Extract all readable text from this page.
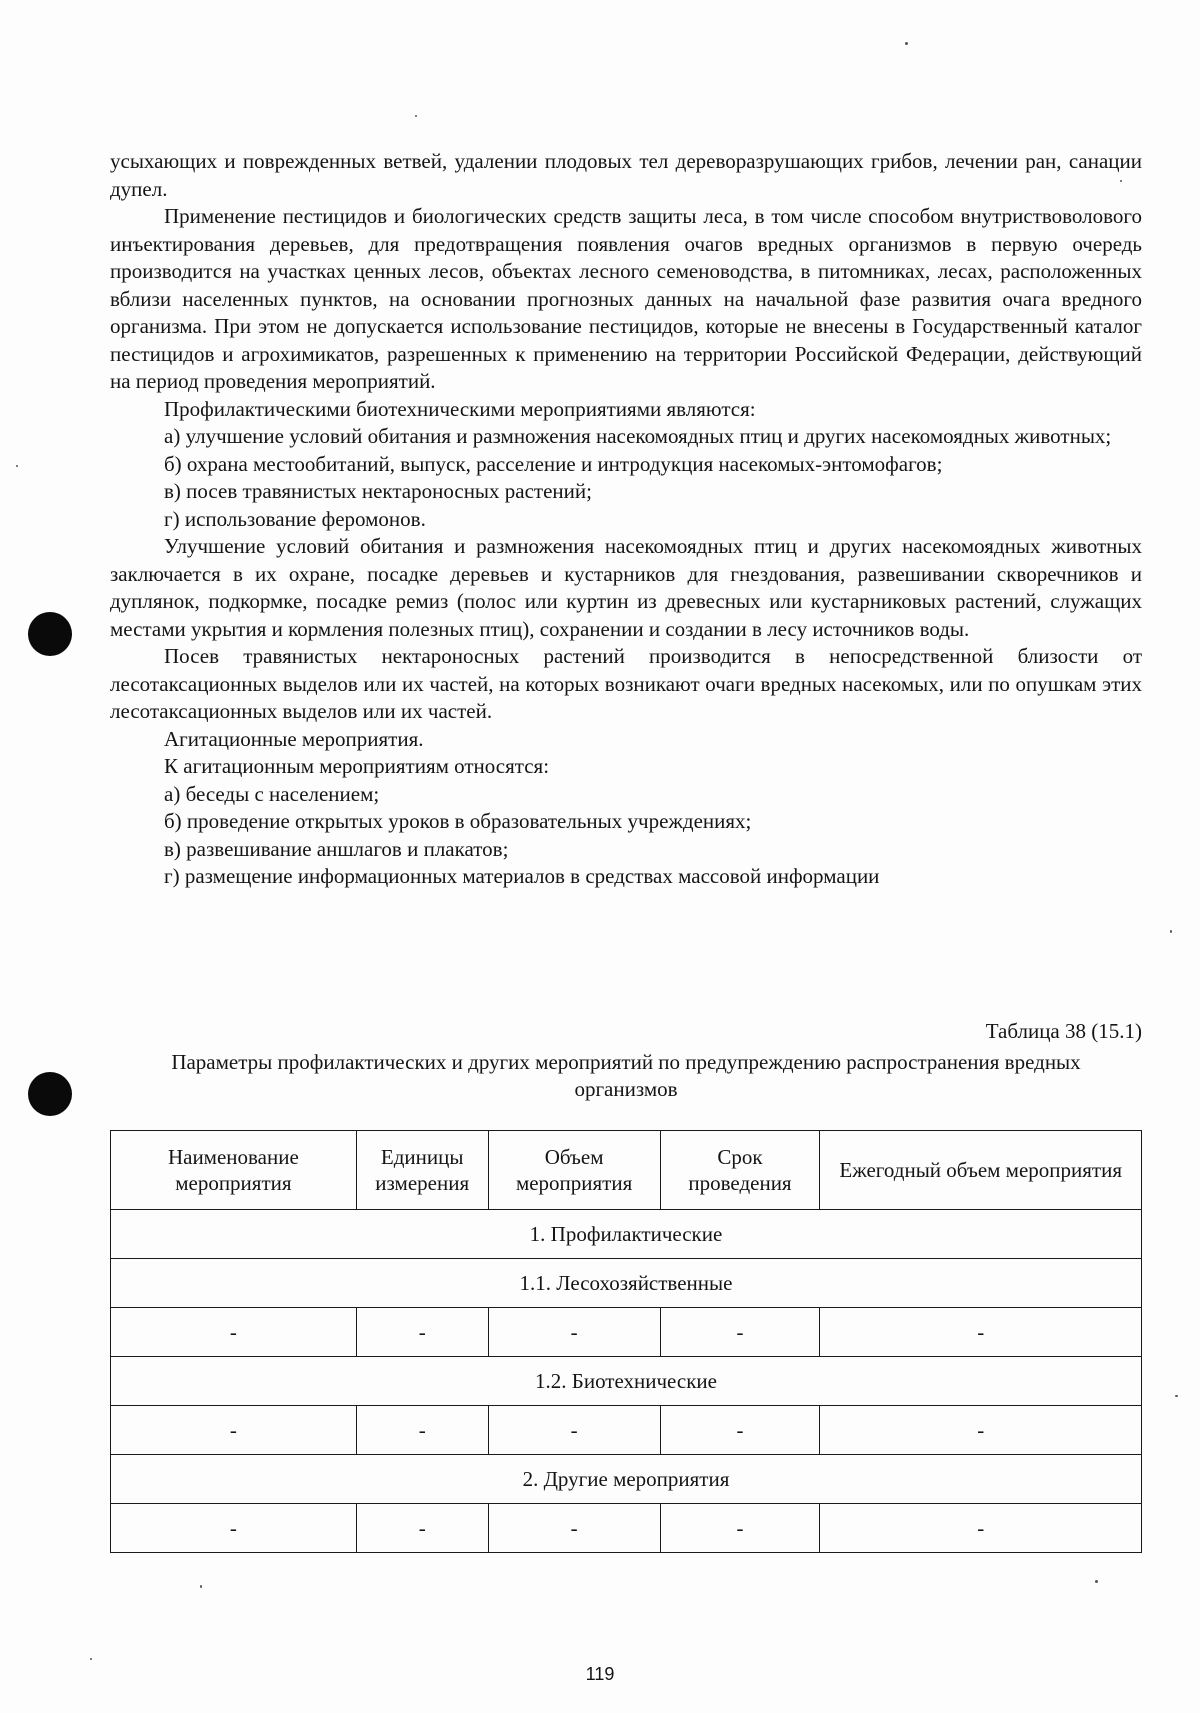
усыхающих и поврежденных ветвей, удалении плодовых тел дереворазрушающих грибов, лечении ран, санации дупел.

Применение пестицидов и биологических средств защиты леса, в том числе способом внутриствоволового инъектирования деревьев, для предотвращения появления очагов вредных организмов в первую очередь производится на участках ценных лесов, объектах лесного семеноводства, в питомниках, лесах, расположенных вблизи населенных пунктов, на основании прогнозных данных на начальной фазе развития очага вредного организма. При этом не допускается использование пестицидов, которые не внесены в Государственный каталог пестицидов и агрохимикатов, разрешенных к применению на территории Российской Федерации, действующий на период проведения мероприятий.

Профилактическими биотехническими мероприятиями являются:

а) улучшение условий обитания и размножения насекомоядных птиц и других насекомоядных животных;

б) охрана местообитаний, выпуск, расселение и интродукция насекомых-энтомофагов;

в) посев травянистых нектароносных растений;

г) использование феромонов.

Улучшение условий обитания и размножения насекомоядных птиц и других насекомоядных животных заключается в их охране, посадке деревьев и кустарников для гнездования, развешивании скворечников и дуплянок, подкормке, посадке ремиз (полос или куртин из древесных или кустарниковых растений, служащих местами укрытия и кормления полезных птиц), сохранении и создании в лесу источников воды.

Посев травянистых нектароносных растений производится в непосредственной близости от лесотаксационных выделов или их частей, на которых возникают очаги вредных насекомых, или по опушкам этих лесотаксационных выделов или их частей.

Агитационные мероприятия.

К агитационным мероприятиям относятся:

а) беседы с населением;

б) проведение открытых уроков в образовательных учреждениях;

в) развешивание аншлагов и плакатов;

г) размещение информационных материалов в средствах массовой информации

Таблица 38 (15.1)
Параметры профилактических и других мероприятий по предупреждению распространения вредных организмов
Наименование мероприятия	Единицы измерения	Объем мероприятия	Срок проведения	Ежегодный объем мероприятия
1. Профилактические				
1.1. Лесохозяйственные				
-	-	-	-	-
1.2. Биотехнические				
-	-	-	-	-
2. Другие мероприятия				
-	-	-	-	-
119
